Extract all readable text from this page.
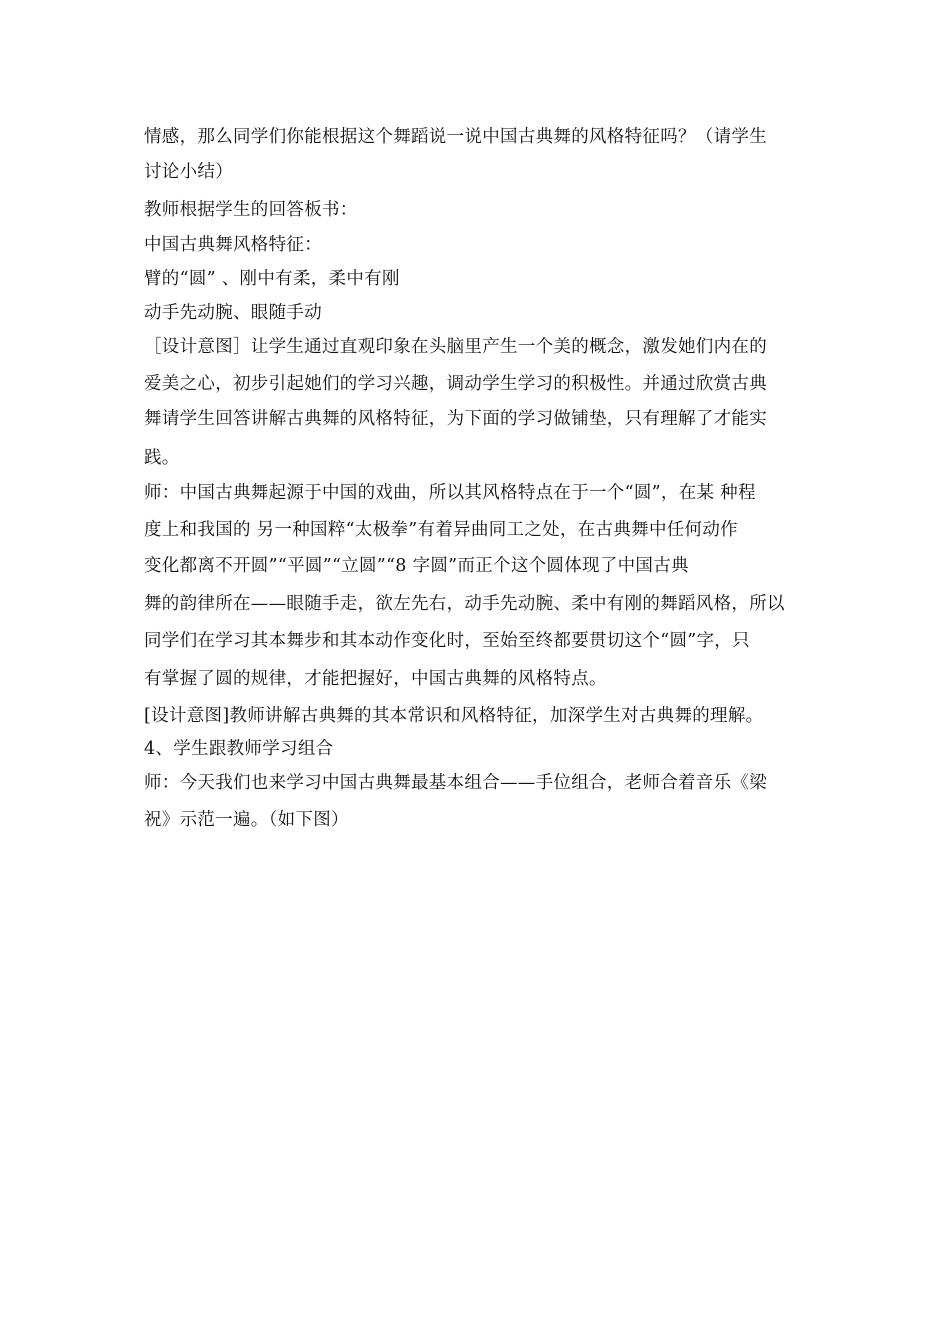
情感，那么同学们你能根据这个舞蹈说一说中国古典舞的风格特征吗？（请学生
讨论小结）
教师根据学生的回答板书：
中国古典舞风格特征：
臂的“圆” 、刚中有柔，柔中有刚
动手先动腕、眼随手动
［设计意图］让学生通过直观印象在头脑里产生一个美的概念，激发她们内在的
爱美之心，初步引起她们的学习兴趣，调动学生学习的积极性。并通过欣赏古典
舞请学生回答讲解古典舞的风格特征，为下面的学习做铺垫，只有理解了才能实
践。
师：中国古典舞起源于中国的戏曲，所以其风格特点在于一个“圆”，在某 种程
度上和我国的 另一种国粹“太极拳”有着异曲同工之处，在古典舞中任何动作
变化都离不开圆”“平圆”“立圆”“8 字圆”而正个这个圆体现了中国古典
舞的韵律所在——眼随手走，欲左先右，动手先动腕、柔中有刚的舞蹈风格，所以
同学们在学习其本舞步和其本动作变化时，至始至终都要贯切这个“圆”字，只
有掌握了圆的规律，才能把握好，中国古典舞的风格特点。
[设计意图]教师讲解古典舞的其本常识和风格特征，加深学生对古典舞的理解。
4、学生跟教师学习组合
师：今天我们也来学习中国古典舞最基本组合——手位组合，老师合着音乐《梁
祝》示范一遍。（如下图）
